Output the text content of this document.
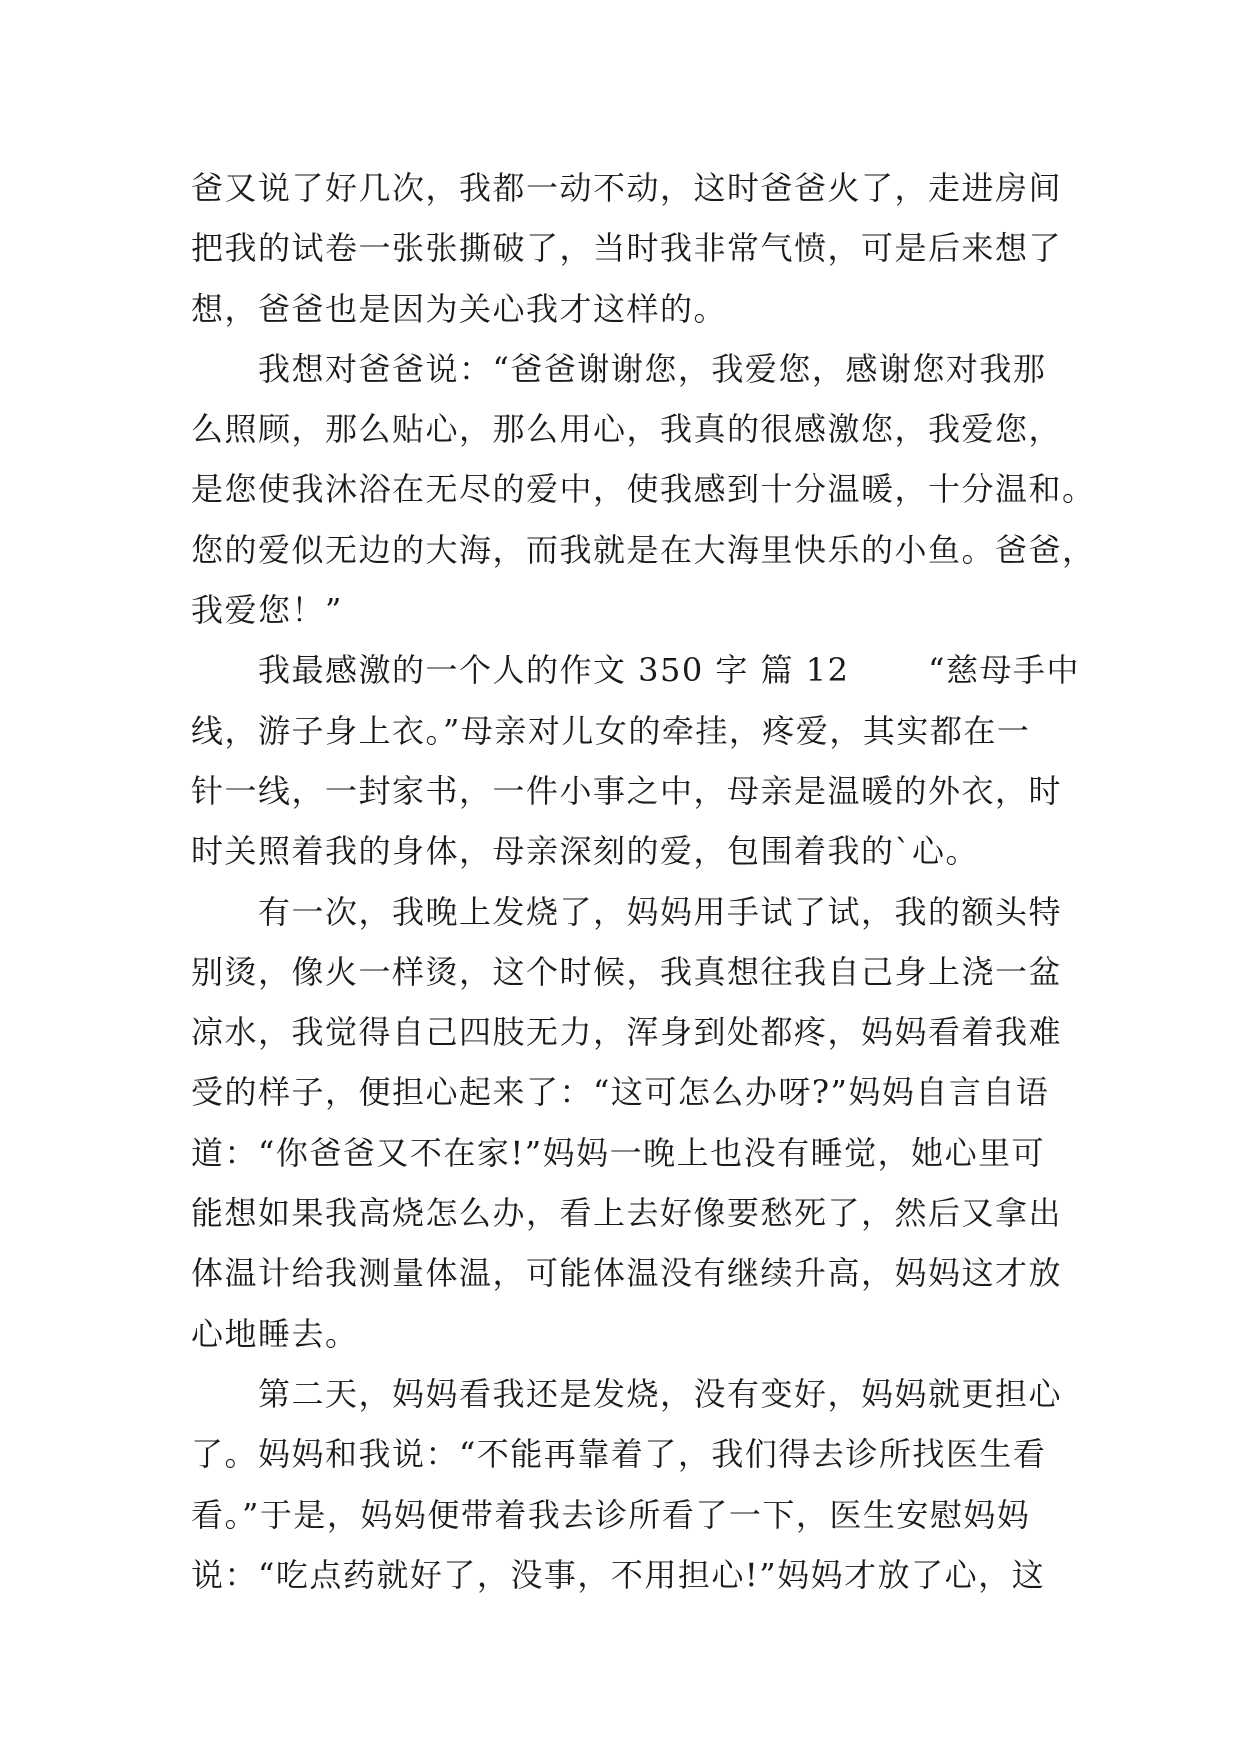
爸又说了好几次，我都一动不动，这时爸爸火了，走进房间
把我的试卷一张张撕破了，当时我非常气愤，可是后来想了
想，爸爸也是因为关心我才这样的。
　　我想对爸爸说：“爸爸谢谢您，我爱您，感谢您对我那
么照顾，那么贴心，那么用心，我真的很感激您，我爱您，
是您使我沐浴在无尽的爱中，使我感到十分温暖，十分温和。
您的爱似无边的大海，而我就是在大海里快乐的小鱼。爸爸，
我爱您！”
　　我最感激的一个人的作文 350 字 篇 12　　 “慈母手中
线，游子身上衣。”母亲对儿女的牵挂，疼爱，其实都在一
针一线，一封家书，一件小事之中，母亲是温暖的外衣，时
时关照着我的身体，母亲深刻的爱，包围着我的`心。
　　有一次，我晚上发烧了，妈妈用手试了试，我的额头特
别烫，像火一样烫，这个时候，我真想往我自己身上浇一盆
凉水，我觉得自己四肢无力，浑身到处都疼，妈妈看着我难
受的样子，便担心起来了：“这可怎么办呀?”妈妈自言自语
道：“你爸爸又不在家!”妈妈一晚上也没有睡觉，她心里可
能想如果我高烧怎么办，看上去好像要愁死了，然后又拿出
体温计给我测量体温，可能体温没有继续升高，妈妈这才放
心地睡去。
　　第二天，妈妈看我还是发烧，没有变好，妈妈就更担心
了。妈妈和我说：“不能再靠着了，我们得去诊所找医生看
看。”于是，妈妈便带着我去诊所看了一下，医生安慰妈妈
说：“吃点药就好了，没事，不用担心!”妈妈才放了心，这
